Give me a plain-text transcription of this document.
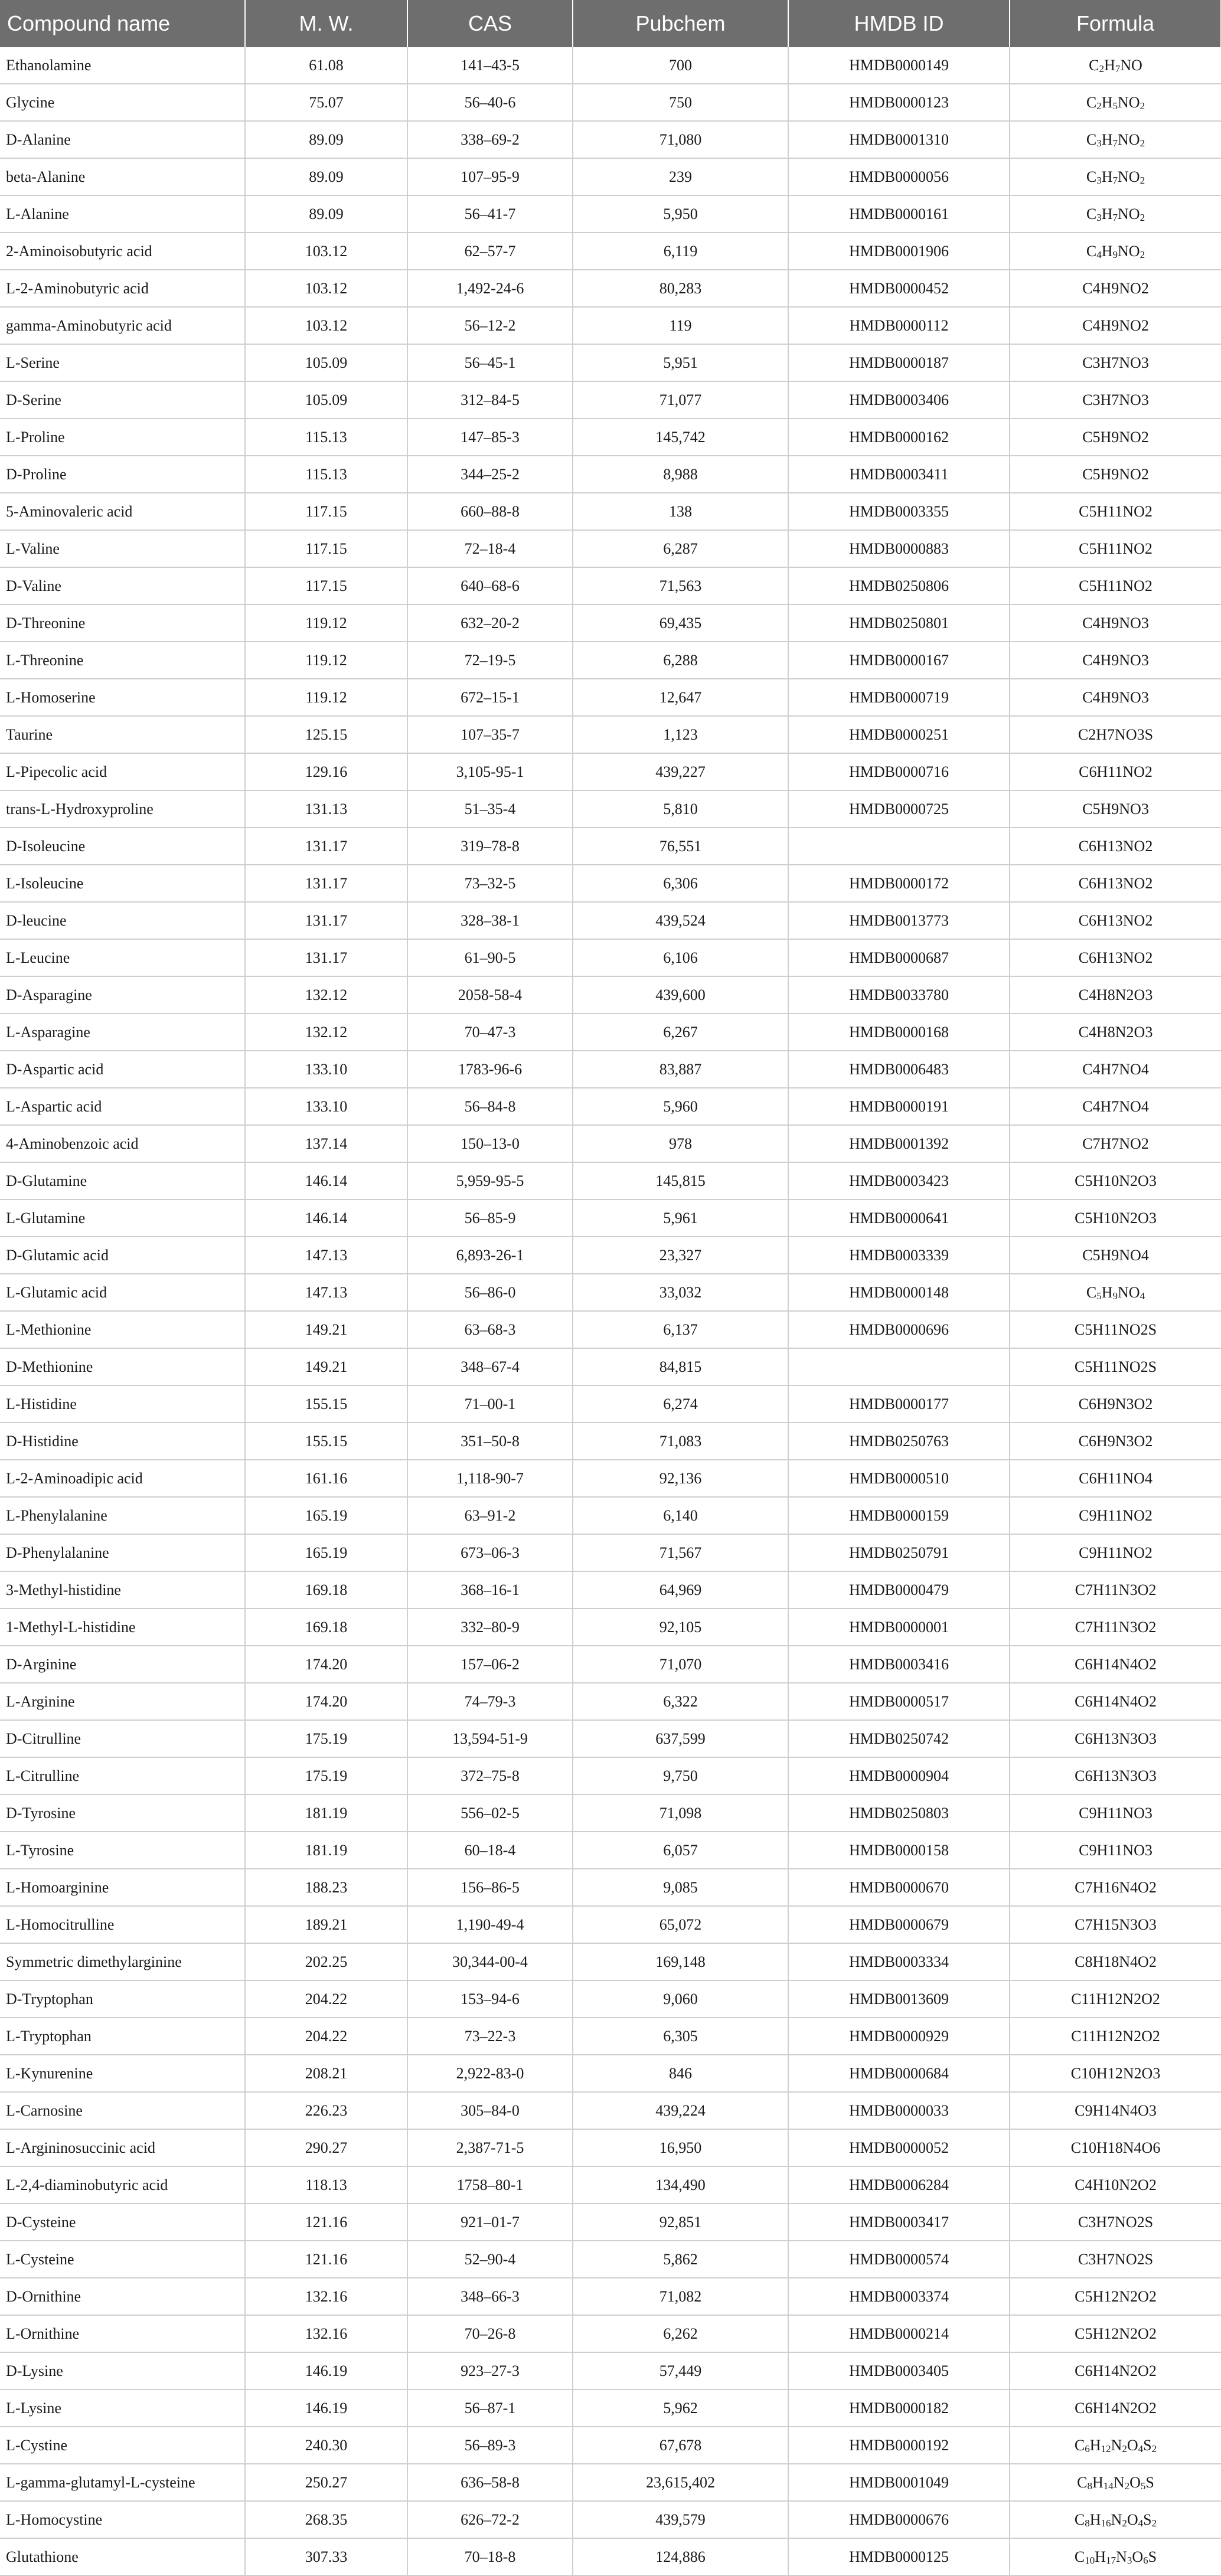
Compound name	M. W.	CAS	Pubchem	HMDB ID	Formula
Ethanolamine	61.08	141–43-5	700	HMDB0000149	$C_2H_7NO$
Glycine	75.07	56–40-6	750	HMDB0000123	$C_2H_5NO_2$
D-Alanine	89.09	338–69-2	71,080	HMDB0001310	$C_3H_7NO_2$
beta-Alanine	89.09	107–95-9	239	HMDB0000056	$C_3H_7NO_2$
L-Alanine	89.09	56–41-7	5,950	HMDB0000161	$C_3H_7NO_2$
2-Aminoisobutyric acid	103.12	62–57-7	6,119	HMDB0001906	$C_4H_9NO_2$
L-2-Aminobutyric acid	103.12	1,492-24-6	80,283	HMDB0000452	C4H9NO2
gamma-Aminobutyric acid	103.12	56–12-2	119	HMDB0000112	C4H9NO2
L-Serine	105.09	56–45-1	5,951	HMDB0000187	C3H7NO3
D-Serine	105.09	312–84-5	71,077	HMDB0003406	C3H7NO3
L-Proline	115.13	147–85-3	145,742	HMDB0000162	C5H9NO2
D-Proline	115.13	344–25-2	8,988	HMDB0003411	C5H9NO2
5-Aminovaleric acid	117.15	660–88-8	138	HMDB0003355	C5H11NO2
L-Valine	117.15	72–18-4	6,287	HMDB0000883	C5H11NO2
D-Valine	117.15	640–68-6	71,563	HMDB0250806	C5H11NO2
D-Threonine	119.12	632–20-2	69,435	HMDB0250801	C4H9NO3
L-Threonine	119.12	72–19-5	6,288	HMDB0000167	C4H9NO3
L-Homoserine	119.12	672–15-1	12,647	HMDB0000719	C4H9NO3
Taurine	125.15	107–35-7	1,123	HMDB0000251	C2H7NO3S
L-Pipecolic acid	129.16	3,105-95-1	439,227	HMDB0000716	C6H11NO2
trans-L-Hydroxyproline	131.13	51–35-4	5,810	HMDB0000725	C5H9NO3
D-Isoleucine	131.17	319–78-8	76,551		C6H13NO2
L-Isoleucine	131.17	73–32-5	6,306	HMDB0000172	C6H13NO2
D-leucine	131.17	328–38-1	439,524	HMDB0013773	C6H13NO2
L-Leucine	131.17	61–90-5	6,106	HMDB0000687	C6H13NO2
D-Asparagine	132.12	2058-58-4	439,600	HMDB0033780	C4H8N2O3
L-Asparagine	132.12	70–47-3	6,267	HMDB0000168	C4H8N2O3
D-Aspartic acid	133.10	1783-96-6	83,887	HMDB0006483	C4H7NO4
L-Aspartic acid	133.10	56–84-8	5,960	HMDB0000191	C4H7NO4
4-Aminobenzoic acid	137.14	150–13-0	978	HMDB0001392	C7H7NO2
D-Glutamine	146.14	5,959-95-5	145,815	HMDB0003423	C5H10N2O3
L-Glutamine	146.14	56–85-9	5,961	HMDB0000641	C5H10N2O3
D-Glutamic acid	147.13	6,893-26-1	23,327	HMDB0003339	C5H9NO4
L-Glutamic acid	147.13	56–86-0	33,032	HMDB0000148	$C_5H_9NO_4$
L-Methionine	149.21	63–68-3	6,137	HMDB0000696	C5H11NO2S
D-Methionine	149.21	348–67-4	84,815		C5H11NO2S
L-Histidine	155.15	71–00-1	6,274	HMDB0000177	C6H9N3O2
D-Histidine	155.15	351–50-8	71,083	HMDB0250763	C6H9N3O2
L-2-Aminoadipic acid	161.16	1,118-90-7	92,136	HMDB0000510	C6H11NO4
L-Phenylalanine	165.19	63–91-2	6,140	HMDB0000159	C9H11NO2
D-Phenylalanine	165.19	673–06-3	71,567	HMDB0250791	C9H11NO2
3-Methyl-histidine	169.18	368–16-1	64,969	HMDB0000479	C7H11N3O2
1-Methyl-L-histidine	169.18	332–80-9	92,105	HMDB0000001	C7H11N3O2
D-Arginine	174.20	157–06-2	71,070	HMDB0003416	C6H14N4O2
L-Arginine	174.20	74–79-3	6,322	HMDB0000517	C6H14N4O2
D-Citrulline	175.19	13,594-51-9	637,599	HMDB0250742	C6H13N3O3
L-Citrulline	175.19	372–75-8	9,750	HMDB0000904	C6H13N3O3
D-Tyrosine	181.19	556–02-5	71,098	HMDB0250803	C9H11NO3
L-Tyrosine	181.19	60–18-4	6,057	HMDB0000158	C9H11NO3
L-Homoarginine	188.23	156–86-5	9,085	HMDB0000670	C7H16N4O2
L-Homocitrulline	189.21	1,190-49-4	65,072	HMDB0000679	C7H15N3O3
Symmetric dimethylarginine	202.25	30,344-00-4	169,148	HMDB0003334	C8H18N4O2
D-Tryptophan	204.22	153–94-6	9,060	HMDB0013609	C11H12N2O2
L-Tryptophan	204.22	73–22-3	6,305	HMDB0000929	C11H12N2O2
L-Kynurenine	208.21	2,922-83-0	846	HMDB0000684	C10H12N2O3
L-Carnosine	226.23	305–84-0	439,224	HMDB0000033	C9H14N4O3
L-Argininosuccinic acid	290.27	2,387-71-5	16,950	HMDB0000052	C10H18N4O6
L-2,4-diaminobutyric acid	118.13	1758–80-1	134,490	HMDB0006284	C4H10N2O2
D-Cysteine	121.16	921–01-7	92,851	HMDB0003417	C3H7NO2S
L-Cysteine	121.16	52–90-4	5,862	HMDB0000574	C3H7NO2S
D-Ornithine	132.16	348–66-3	71,082	HMDB0003374	C5H12N2O2
L-Ornithine	132.16	70–26-8	6,262	HMDB0000214	C5H12N2O2
D-Lysine	146.19	923–27-3	57,449	HMDB0003405	C6H14N2O2
L-Lysine	146.19	56–87-1	5,962	HMDB0000182	C6H14N2O2
L-Cystine	240.30	56–89-3	67,678	HMDB0000192	$C_6H_{12}N_2O_4S_2$
L-gamma-glutamyl-L-cysteine	250.27	636–58-8	23,615,402	HMDB0001049	$C_8H_{14}N_2O_5S$
L-Homocystine	268.35	626–72-2	439,579	HMDB0000676	$C_8H_{16}N_2O_4S_2$
Glutathione	307.33	70–18-8	124,886	HMDB0000125	$C_{10}H_{17}N_3O_6S$
